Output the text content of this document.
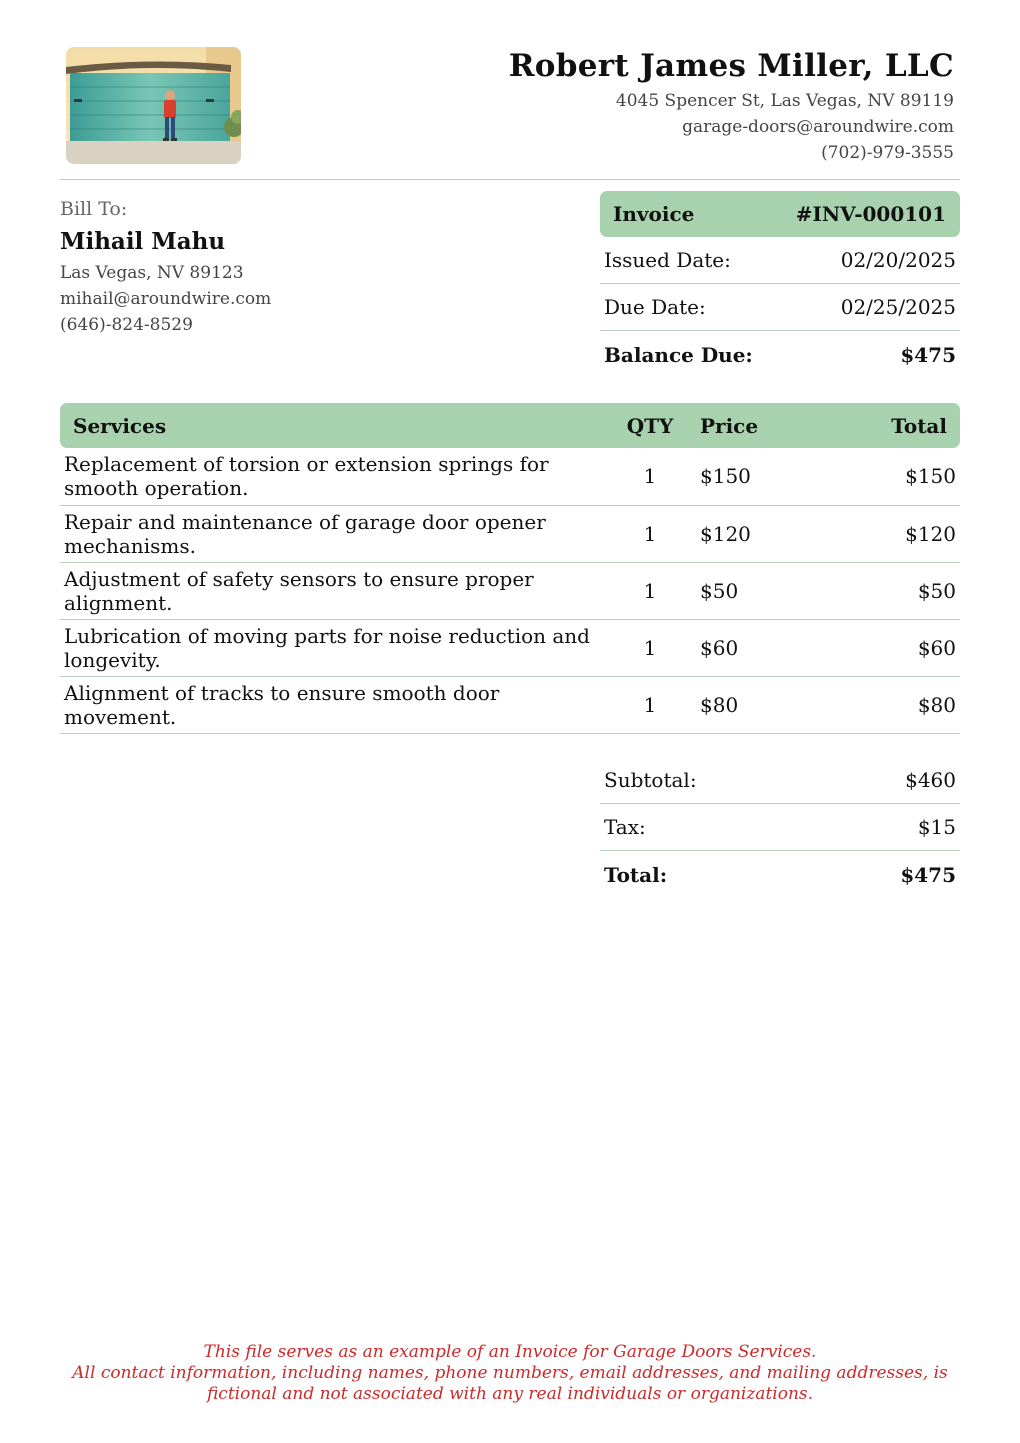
Robert James Miller, LLC
4045 Spencer St, Las Vegas, NV 89119
garage-doors@aroundwire.com
(702)-979-3555
Bill To:
Mihail Mahu
Las Vegas, NV 89123
mihail@aroundwire.com
(646)-824-8529
Invoice	#INV-000101
Issued Date:	02/20/2025
Due Date:	02/25/2025
Balance Due:	$475
Services	QTY	Price	Total
Replacement of torsion or extension springs for smooth operation.	1	$150	$150
Repair and maintenance of garage door opener mechanisms.	1	$120	$120
Adjustment of safety sensors to ensure proper alignment.	1	$50	$50
Lubrication of moving parts for noise reduction and longevity.	1	$60	$60
Alignment of tracks to ensure smooth door movement.	1	$80	$80
Subtotal:	$460
Tax:	$15
Total:	$475
This file serves as an example of an Invoice for Garage Doors Services.
All contact information, including names, phone numbers, email addresses, and mailing addresses, is
fictional and not associated with any real individuals or organizations.
